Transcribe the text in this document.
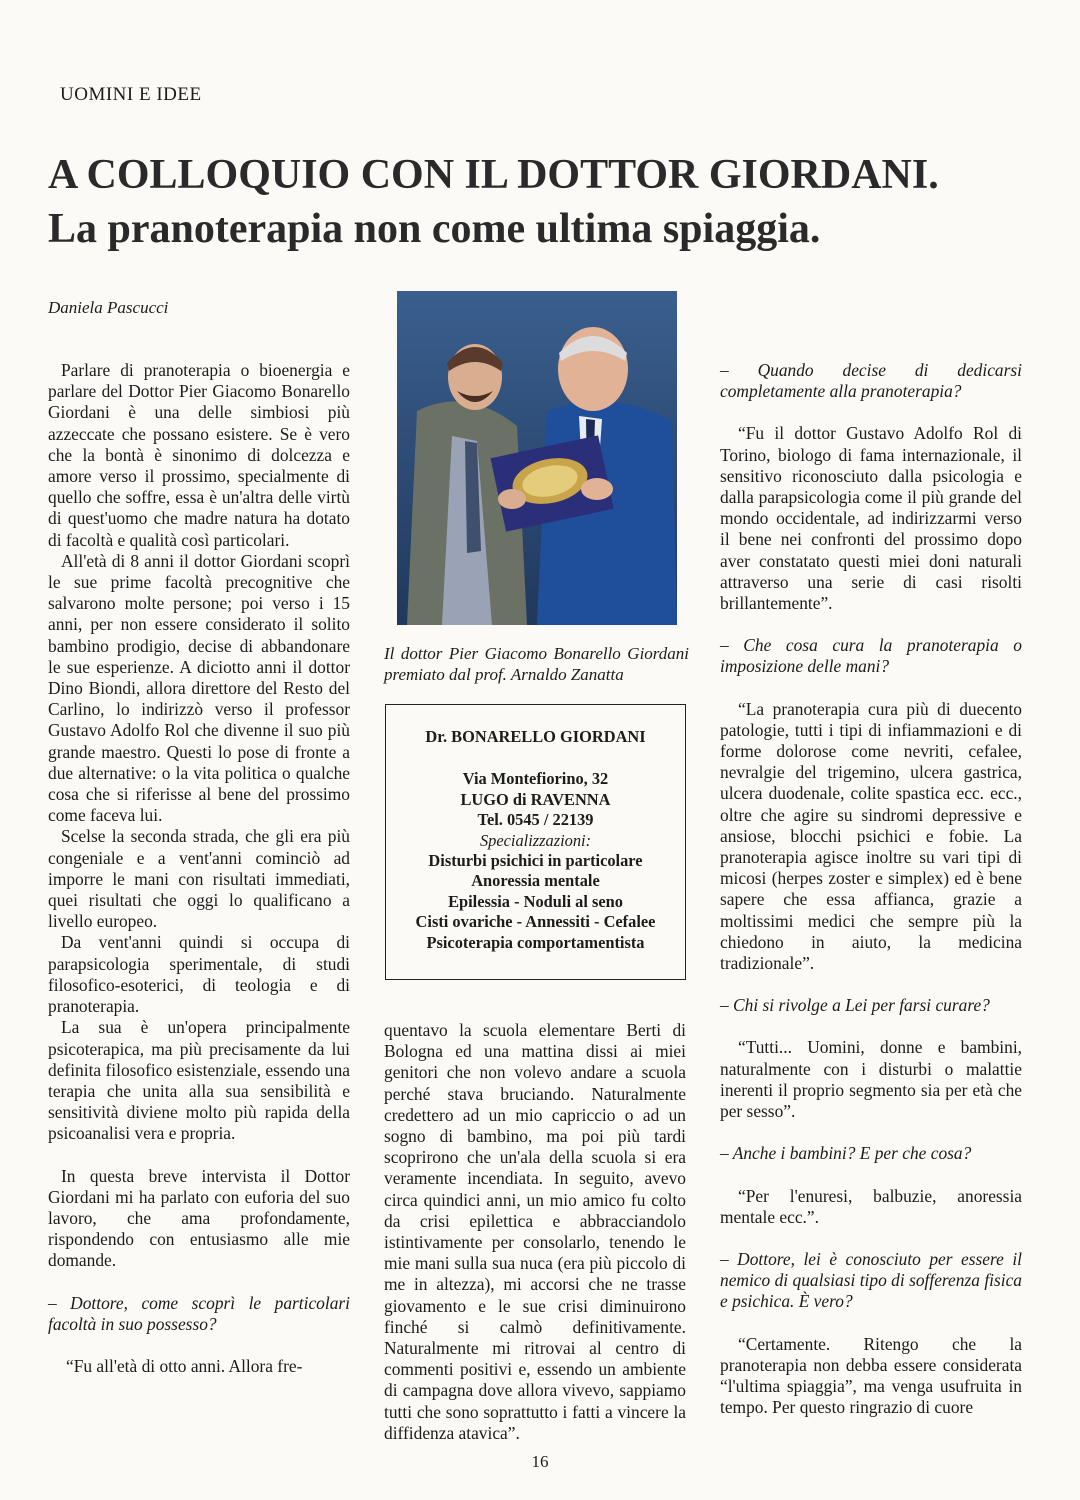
UOMINI E IDEE
A COLLOQUIO CON IL DOTTOR GIORDANI.
La pranoterapia non come ultima spiaggia.
Daniela Pascucci

Parlare di pranoterapia o bioenergia e parlare del Dottor Pier Giacomo Bonarello Giordani è una delle simbiosi più azzeccate che possano esistere. Se è vero che la bontà è sinonimo di dolcezza e amore verso il prossimo, specialmente di quello che soffre, essa è un'altra delle virtù di quest'uomo che madre natura ha dotato di facoltà e qualità così particolari.

All'età di 8 anni il dottor Giordani scoprì le sue prime facoltà precognitive che salvarono molte persone; poi verso i 15 anni, per non essere considerato il solito bambino prodigio, decise di abbandonare le sue esperienze. A diciotto anni il dottor Dino Biondi, allora direttore del Resto del Carlino, lo indirizzò verso il professor Gustavo Adolfo Rol che divenne il suo più grande maestro. Questi lo pose di fronte a due alternative: o la vita politica o qualche cosa che si riferisse al bene del prossimo come faceva lui.

Scelse la seconda strada, che gli era più congeniale e a vent'anni cominciò ad imporre le mani con risultati immediati, quei risultati che oggi lo qualificano a livello europeo.

Da vent'anni quindi si occupa di parapsicologia sperimentale, di studi filosofico-esoterici, di teologia e di pranoterapia.

La sua è un'opera principalmente psicoterapica, ma più precisamente da lui definita filosofico esistenziale, essendo una terapia che unita alla sua sensibilità e sensitività diviene molto più rapida della psicoanalisi vera e propria.

In questa breve intervista il Dottor Giordani mi ha parlato con euforia del suo lavoro, che ama profondamente, rispondendo con entusiasmo alle mie domande.

– Dottore, come scoprì le particolari facoltà in suo possesso?

“Fu all'età di otto anni. Allora fre-

Il dottor Pier Giacomo Bonarello Giordani premiato dal prof. Arnaldo Zanatta
Dr. BONARELLO GIORDANI
Via Montefiorino, 32
LUGO di RAVENNA
Tel. 0545 / 22139
Specializzazioni:
Disturbi psichici in particolare
Anoressia mentale
Epilessia - Noduli al seno
Cisti ovariche - Annessiti - Cefalee
Psicoterapia comportamentista

quentavo la scuola elementare Berti di Bologna ed una mattina dissi ai miei genitori che non volevo andare a scuola perché stava bruciando. Naturalmente credettero ad un mio capriccio o ad un sogno di bambino, ma poi più tardi scoprirono che un'ala della scuola si era veramente incendiata. In seguito, avevo circa quindici anni, un mio amico fu colto da crisi epilettica e abbracciandolo istintivamente per consolarlo, tenendo le mie mani sulla sua nuca (era più piccolo di me in altezza), mi accorsi che ne trasse giovamento e le sue crisi diminuirono finché si calmò definitivamente. Naturalmente mi ritrovai al centro di commenti positivi e, essendo un ambiente di campagna dove allora vivevo, sappiamo tutti che sono soprattutto i fatti a vincere la diffidenza atavica”.

– Quando decise di dedicarsi completamente alla pranoterapia?

“Fu il dottor Gustavo Adolfo Rol di Torino, biologo di fama internazionale, il sensitivo riconosciuto dalla psicologia e dalla parapsicologia come il più grande del mondo occidentale, ad indirizzarmi verso il bene nei confronti del prossimo dopo aver constatato questi miei doni naturali attraverso una serie di casi risolti brillantemente”.

– Che cosa cura la pranoterapia o imposizione delle mani?

“La pranoterapia cura più di duecento patologie, tutti i tipi di infiammazioni e di forme dolorose come nevriti, cefalee, nevralgie del trigemino, ulcera gastrica, ulcera duodenale, colite spastica ecc. ecc., oltre che agire su sindromi depressive e ansiose, blocchi psichici e fobie. La pranoterapia agisce inoltre su vari tipi di micosi (herpes zoster e simplex) ed è bene sapere che essa affianca, grazie a moltissimi medici che sempre più la chiedono in aiuto, la medicina tradizionale”.

– Chi si rivolge a Lei per farsi curare?

“Tutti... Uomini, donne e bambini, naturalmente con i disturbi o malattie inerenti il proprio segmento sia per età che per sesso”.

– Anche i bambini? E per che cosa?

“Per l'enuresi, balbuzie, anoressia mentale ecc.”.

– Dottore, lei è conosciuto per essere il nemico di qualsiasi tipo di sofferenza fisica e psichica. È vero?

“Certamente. Ritengo che la pranoterapia non debba essere considerata “l'ultima spiaggia”, ma venga usufruita in tempo. Per questo ringrazio di cuore

16
